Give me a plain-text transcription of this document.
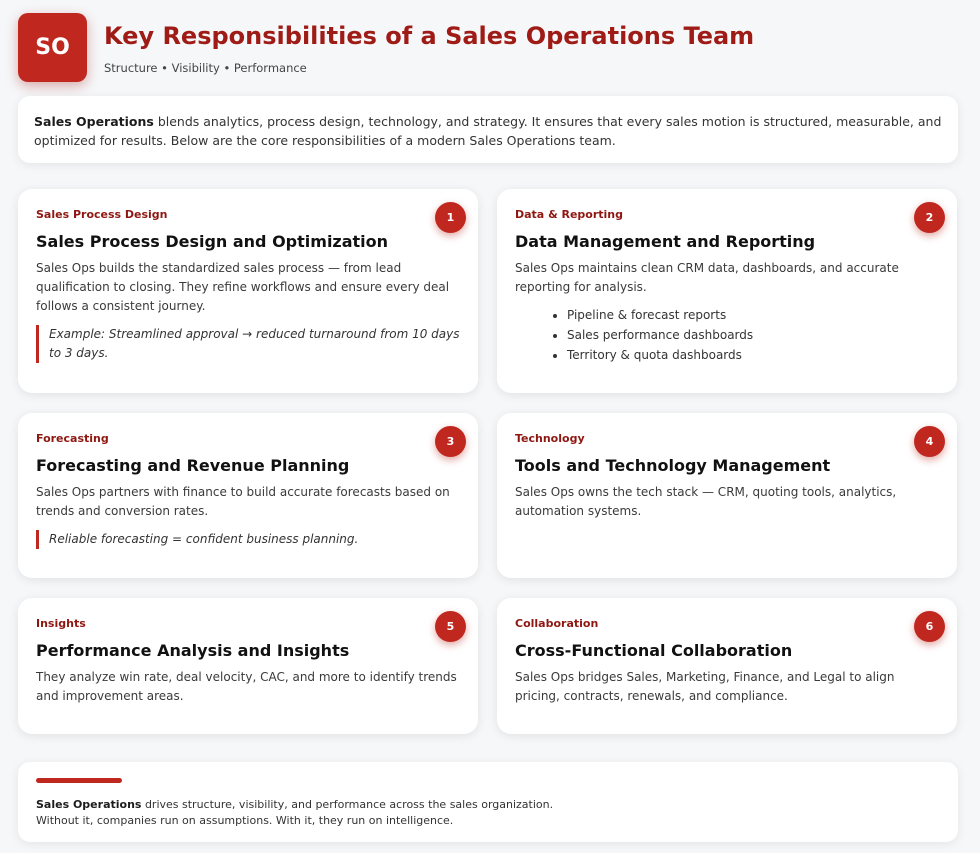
SO	Key Responsibilities of a Sales Operations Team
Structure • Visibility • Performance
Sales Operations blends analytics, process design, technology, and strategy. It ensures that every sales motion is structured, measurable, and optimized for results. Below are the core responsibilities of a modern Sales Operations team.
Sales Process Design	1
Sales Process Design and Optimization
Sales Ops builds the standardized sales process — from lead qualification to closing. They refine workflows and ensure every deal follows a consistent journey.
Example: Streamlined approval → reduced turnaround from 10 days to 3 days.
Data & Reporting	2
Data Management and Reporting
Sales Ops maintains clean CRM data, dashboards, and accurate reporting for analysis.
• Pipeline & forecast reports
• Sales performance dashboards
• Territory & quota dashboards
Forecasting	3
Forecasting and Revenue Planning
Sales Ops partners with finance to build accurate forecasts based on trends and conversion rates.
Reliable forecasting = confident business planning.
Technology	4
Tools and Technology Management
Sales Ops owns the tech stack — CRM, quoting tools, analytics, automation systems.
Insights	5
Performance Analysis and Insights
They analyze win rate, deal velocity, CAC, and more to identify trends and improvement areas.
Collaboration	6
Cross-Functional Collaboration
Sales Ops bridges Sales, Marketing, Finance, and Legal to align pricing, contracts, renewals, and compliance.
Sales Operations drives structure, visibility, and performance across the sales organization.
Without it, companies run on assumptions. With it, they run on intelligence.
